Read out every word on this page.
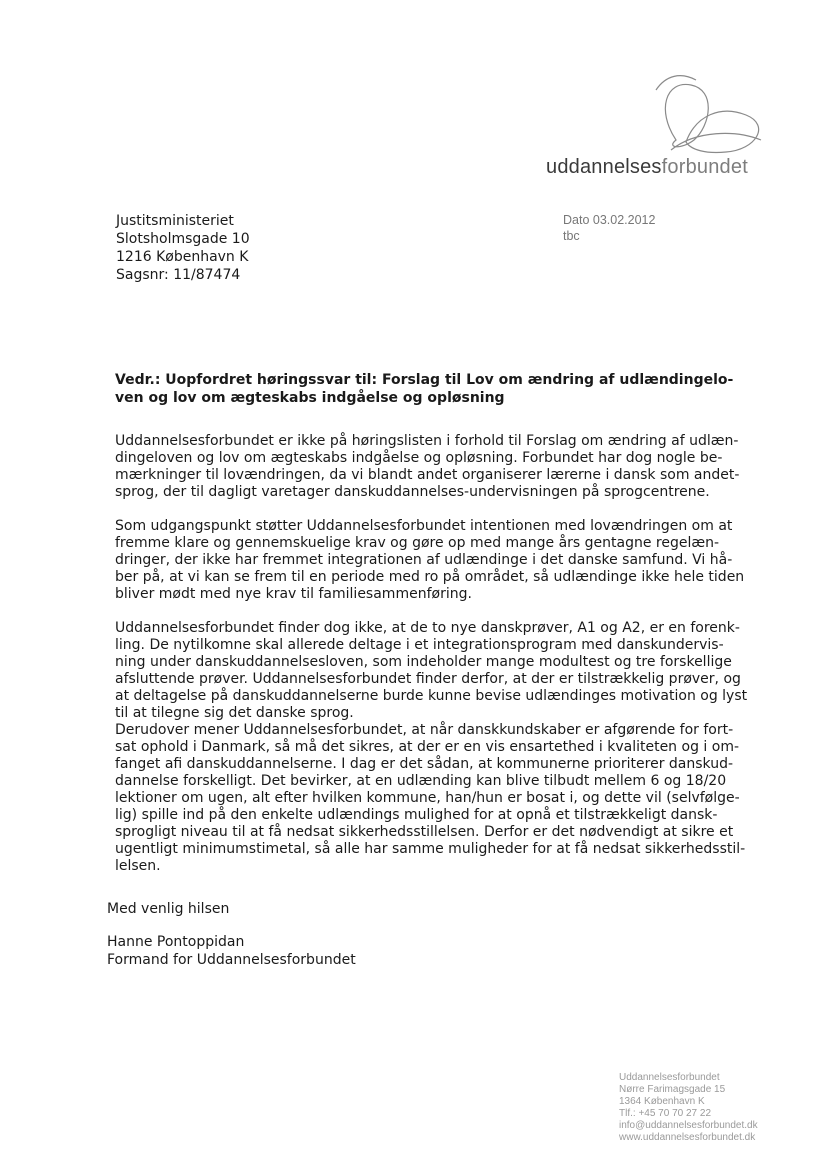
uddannelsesforbundet
Justitsministeriet
Slotsholmsgade 10
1216 København K
Sagsnr: 11/87474
Dato 03.02.2012
tbc
Vedr.: Uopfordret høringssvar til: Forslag til Lov om ændring af udlændingelo-
ven og lov om ægteskabs indgåelse og opløsning
Uddannelsesforbundet er ikke på høringslisten i forhold til Forslag om ændring af udlæn-
dingeloven og lov om ægteskabs indgåelse og opløsning. Forbundet har dog nogle be-
mærkninger til lovændringen, da vi blandt andet organiserer lærerne i dansk som andet-
sprog, der til dagligt varetager danskuddannelses-undervisningen på sprogcentrene.
Som udgangspunkt støtter Uddannelsesforbundet intentionen med lovændringen om at
fremme klare og gennemskuelige krav og gøre op med mange års gentagne regelæn-
dringer, der ikke har fremmet integrationen af udlændinge i det danske samfund. Vi hå-
ber på, at vi kan se frem til en periode med ro på området, så udlændinge ikke hele tiden
bliver mødt med nye krav til familiesammenføring.
Uddannelsesforbundet finder dog ikke, at de to nye danskprøver, A1 og A2, er en forenk-
ling. De nytilkomne skal allerede deltage i et integrationsprogram med danskundervis-
ning under danskuddannelsesloven, som indeholder mange modultest og tre forskellige
afsluttende prøver. Uddannelsesforbundet finder derfor, at der er tilstrækkelig prøver, og
at deltagelse på danskuddannelserne burde kunne bevise udlændinges motivation og lyst
til at tilegne sig det danske sprog.
Derudover mener Uddannelsesforbundet, at når danskkundskaber er afgørende for fort-
sat ophold i Danmark, så må det sikres, at der er en vis ensartethed i kvaliteten og i om-
fanget afi danskuddannelserne. I dag er det sådan, at kommunerne prioriterer danskud-
dannelse forskelligt. Det bevirker, at en udlænding kan blive tilbudt mellem 6 og 18/20
lektioner om ugen, alt efter hvilken kommune, han/hun er bosat i, og dette vil (selvfølge-
lig) spille ind på den enkelte udlændings mulighed for at opnå et tilstrækkeligt dansk-
sprogligt niveau til at få nedsat sikkerhedsstillelsen. Derfor er det nødvendigt at sikre et
ugentligt minimumstimetal, så alle har samme muligheder for at få nedsat sikkerhedsstil-
lelsen.
Med venlig hilsen
Hanne Pontoppidan
Formand for Uddannelsesforbundet
Uddannelsesforbundet
Nørre Farimagsgade 15
1364 København K
Tlf.: +45 70 70 27 22
info@uddannelsesforbundet.dk
www.uddannelsesforbundet.dk
